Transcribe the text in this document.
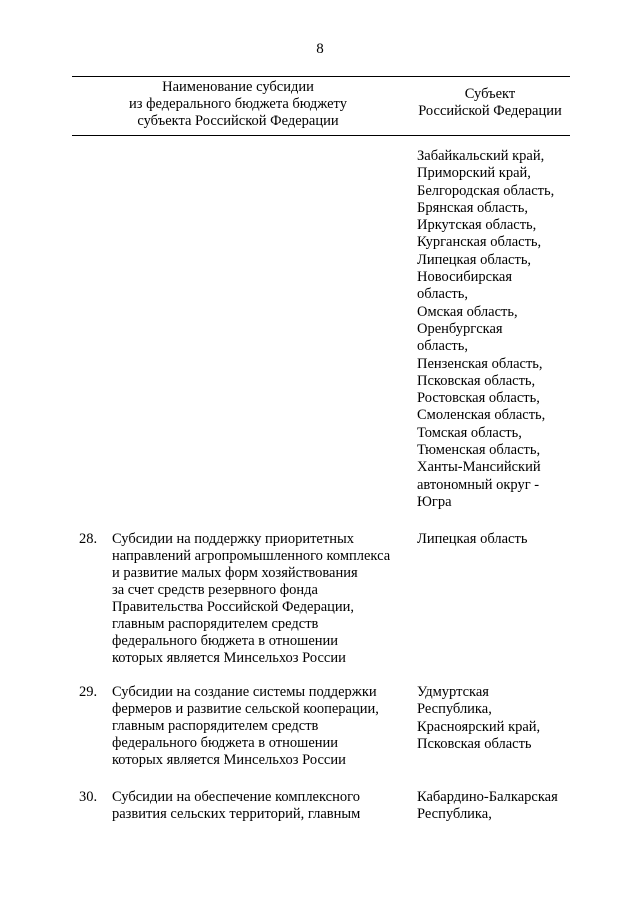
8
Наименование субсидии
из федерального бюджета бюджету
субъекта Российской Федерации
Субъект
Российской Федерации
Забайкальский край,
Приморский край,
Белгородская область,
Брянская область,
Иркутская область,
Курганская область,
Липецкая область,
Новосибирская
область,
Омская область,
Оренбургская
область,
Пензенская область,
Псковская область,
Ростовская область,
Смоленская область,
Томская область,
Тюменская область,
Ханты-Мансийский
автономный округ -
Югра
28. Субсидии на поддержку приоритетных
направлений агропромышленного комплекса
и развитие малых форм хозяйствования
за счет средств резервного фонда
Правительства Российской Федерации,
главным распорядителем средств
федерального бюджета в отношении
которых является Минсельхоз России
Липецкая область
29. Субсидии на создание системы поддержки
фермеров и развитие сельской кооперации,
главным распорядителем средств
федерального бюджета в отношении
которых является Минсельхоз России
Удмуртская
Республика,
Красноярский край,
Псковская область
30. Субсидии на обеспечение комплексного
развития сельских территорий, главным
Кабардино-Балкарская
Республика,
